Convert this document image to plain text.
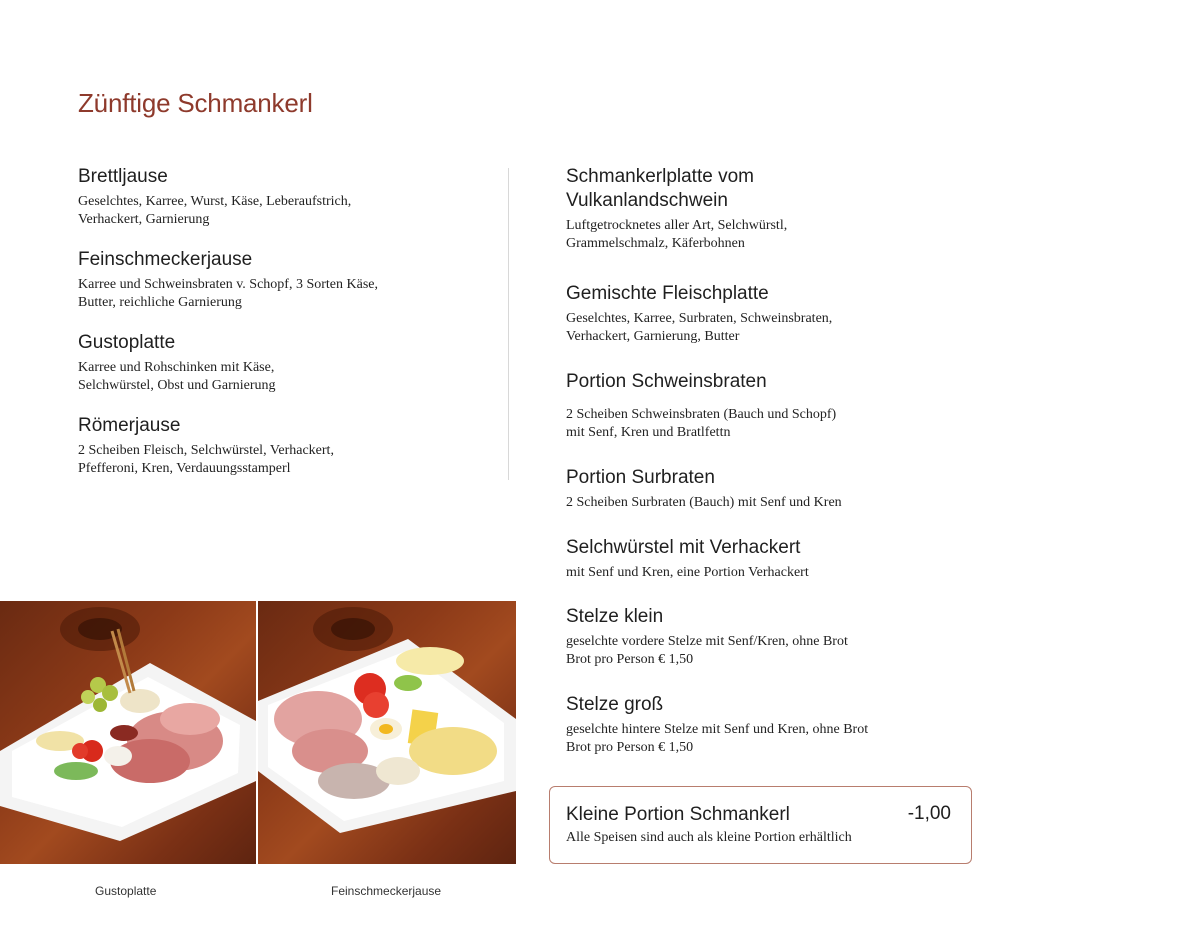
Zünftige Schmankerl

Brettljause

Geselchtes, Karree, Wurst, Käse, Leberaufstrich,
Verhackert, Garnierung

Feinschmeckerjause

Karree und Schweinsbraten v. Schopf, 3 Sorten Käse,
Butter, reichliche Garnierung

Gustoplatte

Karree und Rohschinken mit Käse,
Selchwürstel, Obst und Garnierung

Römerjause

2 Scheiben Fleisch, Selchwürstel, Verhackert,
Pfefferoni, Kren, Verdauungsstamperl

Schmankerlplatte vom
Vulkanlandschwein

Luftgetrocknetes aller Art, Selchwürstl,
Grammelschmalz, Käferbohnen

Gemischte Fleischplatte

Geselchtes, Karree, Surbraten, Schweinsbraten,
Verhackert, Garnierung, Butter

Portion Schweinsbraten

2 Scheiben Schweinsbraten (Bauch und Schopf)
mit Senf, Kren und Bratlfettn

Portion Surbraten

2 Scheiben Surbraten (Bauch) mit Senf und Kren

Selchwürstel mit Verhackert

mit Senf und Kren, eine Portion Verhackert

Stelze klein

geselchte vordere Stelze mit Senf/Kren, ohne Brot
Brot pro Person € 1,50

Stelze groß

geselchte hintere Stelze mit Senf und Kren, ohne Brot
Brot pro Person € 1,50

Kleine Portion Schmankerl	-1,00

Alle Speisen sind auch als kleine Portion erhältlich

Gustoplatte	Feinschmeckerjause
